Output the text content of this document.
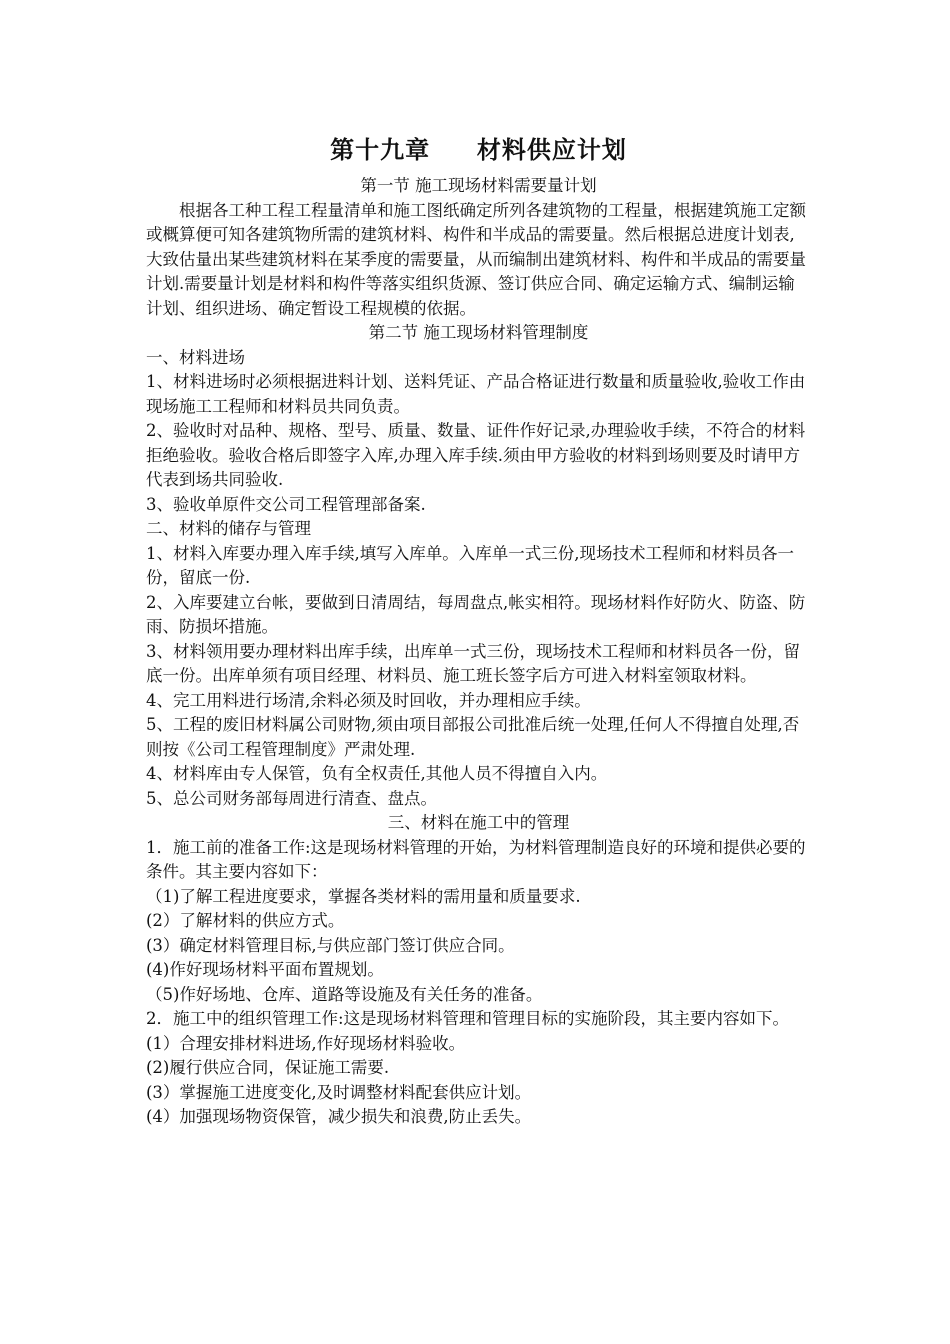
第十九章     材料供应计划

第一节 施工现场材料需要量计划

根据各工种工程工程量清单和施工图纸确定所列各建筑物的工程量，根据建筑施工定额或概算便可知各建筑物所需的建筑材料、构件和半成品的需要量。然后根据总进度计划表,大致估量出某些建筑材料在某季度的需要量，从而编制出建筑材料、构件和半成品的需要量计划.需要量计划是材料和构件等落实组织货源、签订供应合同、确定运输方式、编制运输计划、组织进场、确定暂设工程规模的依据。

第二节 施工现场材料管理制度

一、材料进场

1、材料进场时必须根据进料计划、送料凭证、产品合格证进行数量和质量验收,验收工作由现场施工工程师和材料员共同负责。

2、验收时对品种、规格、型号、质量、数量、证件作好记录,办理验收手续，不符合的材料拒绝验收。验收合格后即签字入库,办理入库手续.须由甲方验收的材料到场则要及时请甲方代表到场共同验收.

3、验收单原件交公司工程管理部备案.

二、材料的储存与管理

1、材料入库要办理入库手续,填写入库单。入库单一式三份,现场技术工程师和材料员各一份，留底一份.

2、入库要建立台帐，要做到日清周结，每周盘点,帐实相符。现场材料作好防火、防盗、防雨、防损坏措施。

3、材料领用要办理材料出库手续，出库单一式三份，现场技术工程师和材料员各一份，留底一份。出库单须有项目经理、材料员、施工班长签字后方可进入材料室领取材料。

4、完工用料进行场清,余料必须及时回收，并办理相应手续。

5、工程的废旧材料属公司财物,须由项目部报公司批准后统一处理,任何人不得擅自处理,否则按《公司工程管理制度》严肃处理.

4、材料库由专人保管，负有全权责任,其他人员不得擅自入内。

5、总公司财务部每周进行清查、盘点。

三、材料在施工中的管理

1．施工前的准备工作:这是现场材料管理的开始，为材料管理制造良好的环境和提供必要的条件。其主要内容如下：

（1)了解工程进度要求，掌握各类材料的需用量和质量要求.

(2）了解材料的供应方式。

(3）确定材料管理目标,与供应部门签订供应合同。

(4)作好现场材料平面布置规划。

（5)作好场地、仓库、道路等设施及有关任务的准备。

2．施工中的组织管理工作:这是现场材料管理和管理目标的实施阶段，其主要内容如下。

(1）合理安排材料进场,作好现场材料验收。

(2)履行供应合同，保证施工需要.

(3）掌握施工进度变化,及时调整材料配套供应计划。

(4）加强现场物资保管，减少损失和浪费,防止丢失。
